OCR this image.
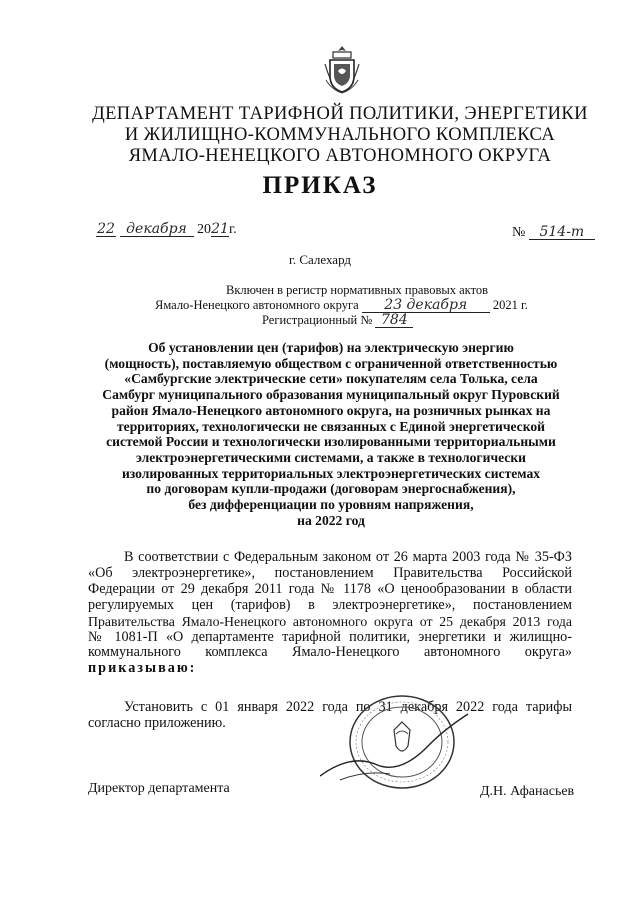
ДЕПАРТАМЕНТ ТАРИФНОЙ ПОЛИТИКИ, ЭНЕРГЕТИКИ
И ЖИЛИЩНО-КОММУНАЛЬНОГО КОМПЛЕКСА
ЯМАЛО-НЕНЕЦКОГО АВТОНОМНОГО ОКРУГА
ПРИКАЗ
22 декабря 2021г.	№ 514-т
г. Салехард
Включен в регистр нормативных правовых актов
Ямало-Ненецкого автономного округа 23 декабря 2021 г.
Регистрационный № 784
Об установлении цен (тарифов) на электрическую энергию
(мощность), поставляемую обществом с ограниченной ответственностью
«Самбургские электрические сети» покупателям села Толька, села
Самбург муниципального образования муниципальный округ Пуровский
район Ямало-Ненецкого автономного округа, на розничных рынках на
территориях, технологически не связанных с Единой энергетической
системой России и технологически изолированными территориальными
электроэнергетическими системами, а также в технологически
изолированных территориальных электроэнергетических системах
по договорам купли-продажи (договорам энергоснабжения),
без дифференциации по уровням напряжения,
на 2022 год
В соответствии с Федеральным законом от 26 марта 2003 года № 35-ФЗ
«Об электроэнергетике», постановлением Правительства Российской
Федерации от 29 декабря 2011 года № 1178 «О ценообразовании в области
регулируемых цен (тарифов) в электроэнергетике», постановлением
Правительства Ямало-Ненецкого автономного округа от 25 декабря 2013 года
№ 1081-П «О департаменте тарифной политики, энергетики и жилищно-
коммунального комплекса Ямало-Ненецкого автономного округа»
приказываю:
Установить с 01 января 2022 года по 31 декабря 2022 года тарифы
согласно приложению.
Директор департамента	Д.Н. Афанасьев
